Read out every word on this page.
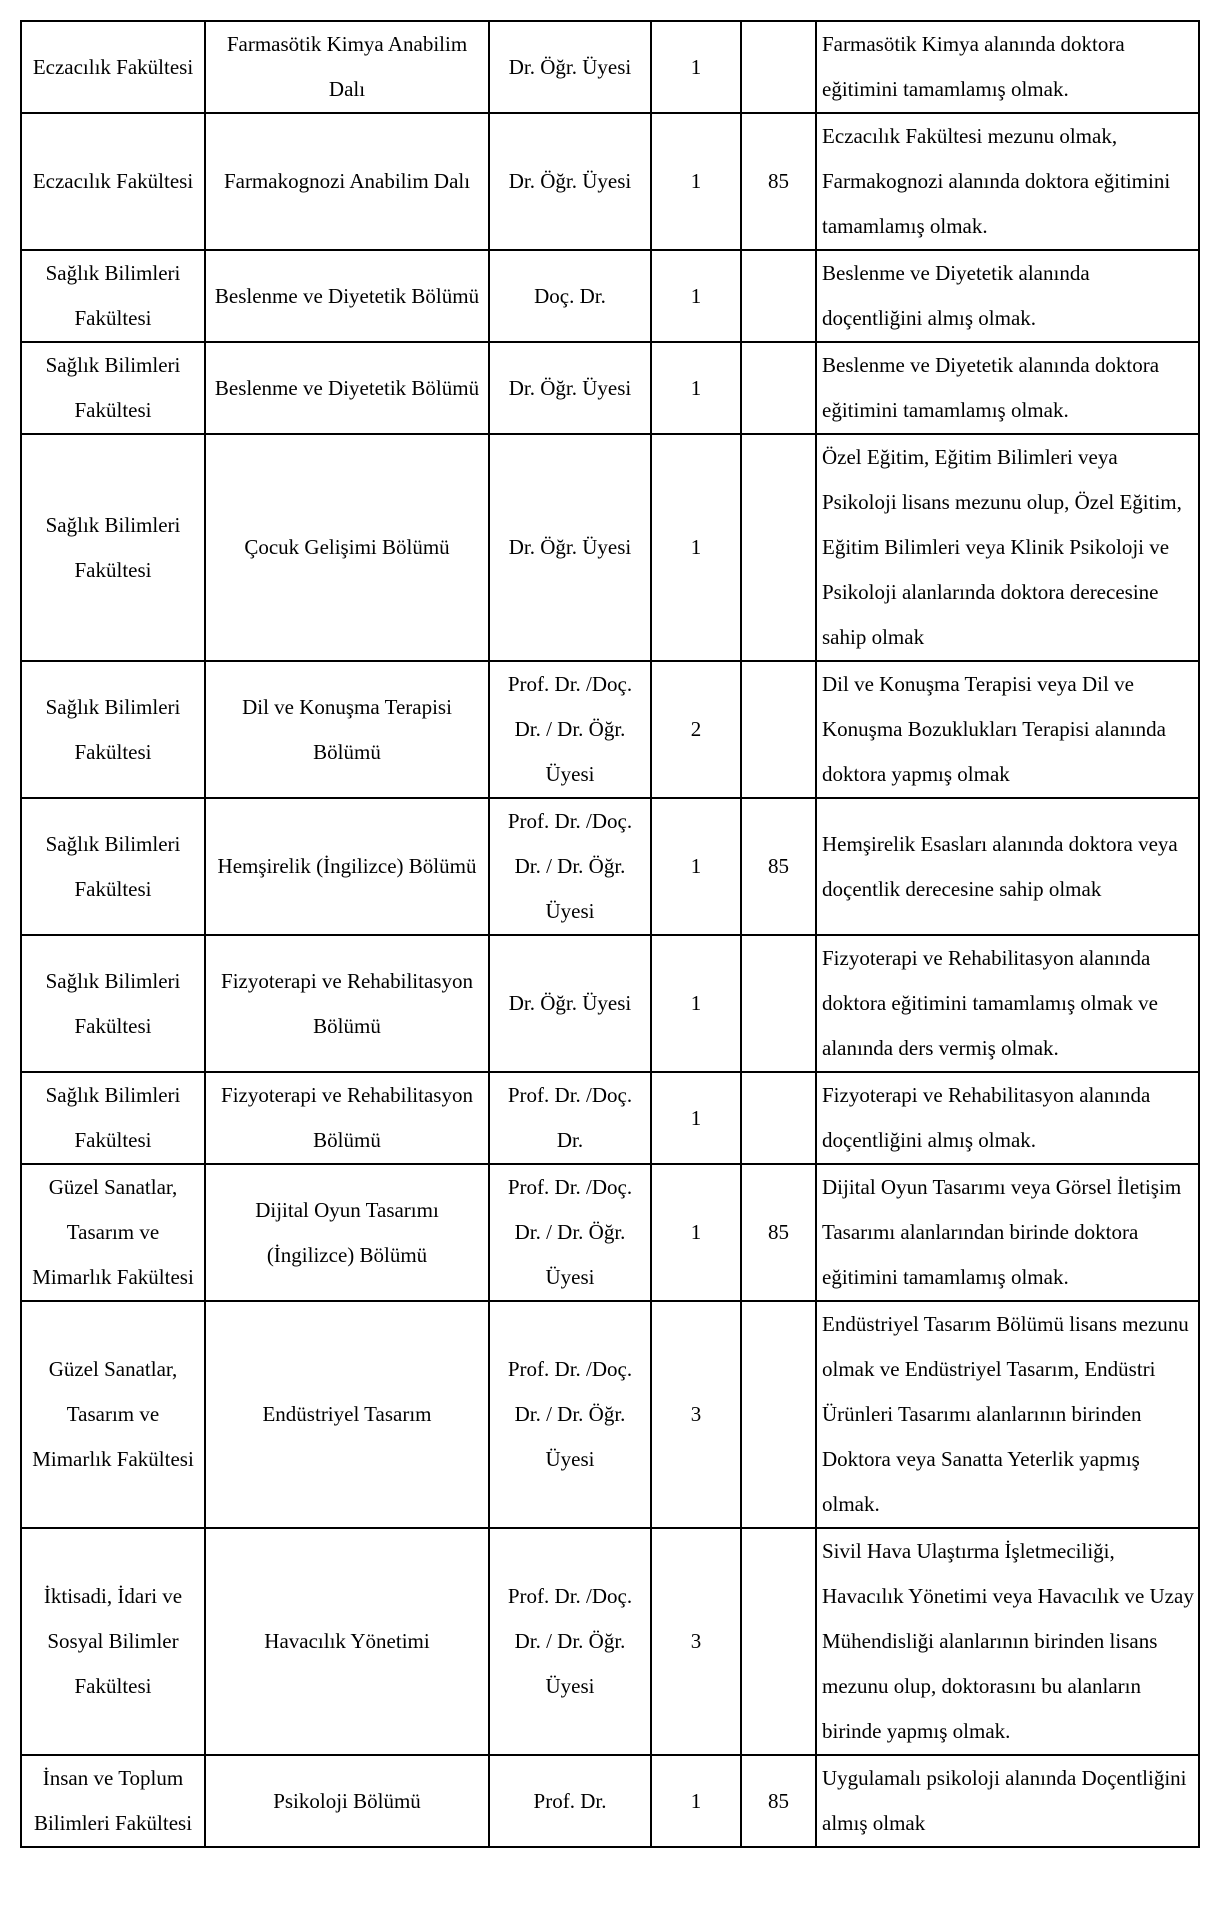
Eczacılık Fakültesi	Farmasötik Kimya Anabilim Dalı	Dr. Öğr. Üyesi	1		Farmasötik Kimya alanında doktora eğitimini tamamlamış olmak.
Eczacılık Fakültesi	Farmakognozi Anabilim Dalı	Dr. Öğr. Üyesi	1	85	Eczacılık Fakültesi mezunu olmak, Farmakognozi alanında doktora eğitimini tamamlamış olmak.
Sağlık Bilimleri Fakültesi	Beslenme ve Diyetetik Bölümü	Doç. Dr.	1		Beslenme ve Diyetetik alanında doçentliğini almış olmak.
Sağlık Bilimleri Fakültesi	Beslenme ve Diyetetik Bölümü	Dr. Öğr. Üyesi	1		Beslenme ve Diyetetik alanında doktora eğitimini tamamlamış olmak.
Sağlık Bilimleri Fakültesi	Çocuk Gelişimi Bölümü	Dr. Öğr. Üyesi	1		Özel Eğitim, Eğitim Bilimleri veya Psikoloji lisans mezunu olup, Özel Eğitim, Eğitim Bilimleri veya Klinik Psikoloji ve Psikoloji alanlarında doktora derecesine sahip olmak
Sağlık Bilimleri Fakültesi	Dil ve Konuşma Terapisi Bölümü	Prof. Dr. /Doç. Dr. / Dr. Öğr. Üyesi	2		Dil ve Konuşma Terapisi veya Dil ve Konuşma Bozuklukları Terapisi alanında doktora yapmış olmak
Sağlık Bilimleri Fakültesi	Hemşirelik (İngilizce) Bölümü	Prof. Dr. /Doç. Dr. / Dr. Öğr. Üyesi	1	85	Hemşirelik Esasları alanında doktora veya doçentlik derecesine sahip olmak
Sağlık Bilimleri Fakültesi	Fizyoterapi ve Rehabilitasyon Bölümü	Dr. Öğr. Üyesi	1		Fizyoterapi ve Rehabilitasyon alanında doktora eğitimini tamamlamış olmak ve alanında ders vermiş olmak.
Sağlık Bilimleri Fakültesi	Fizyoterapi ve Rehabilitasyon Bölümü	Prof. Dr. /Doç. Dr.	1		Fizyoterapi ve Rehabilitasyon alanında doçentliğini almış olmak.
Güzel Sanatlar, Tasarım ve Mimarlık Fakültesi	Dijital Oyun Tasarımı (İngilizce) Bölümü	Prof. Dr. /Doç. Dr. / Dr. Öğr. Üyesi	1	85	Dijital Oyun Tasarımı veya Görsel İletişim Tasarımı alanlarından birinde doktora eğitimini tamamlamış olmak.
Güzel Sanatlar, Tasarım ve Mimarlık Fakültesi	Endüstriyel Tasarım	Prof. Dr. /Doç. Dr. / Dr. Öğr. Üyesi	3		Endüstriyel Tasarım Bölümü lisans mezunu olmak ve Endüstriyel Tasarım, Endüstri Ürünleri Tasarımı alanlarının birinden Doktora veya Sanatta Yeterlik yapmış olmak.
İktisadi, İdari ve Sosyal Bilimler Fakültesi	Havacılık Yönetimi	Prof. Dr. /Doç. Dr. / Dr. Öğr. Üyesi	3		Sivil Hava Ulaştırma İşletmeciliği, Havacılık Yönetimi veya Havacılık ve Uzay Mühendisliği alanlarının birinden lisans mezunu olup, doktorasını bu alanların birinde yapmış olmak.
İnsan ve Toplum Bilimleri Fakültesi	Psikoloji Bölümü	Prof. Dr.	1	85	Uygulamalı psikoloji alanında Doçentliğini almış olmak
